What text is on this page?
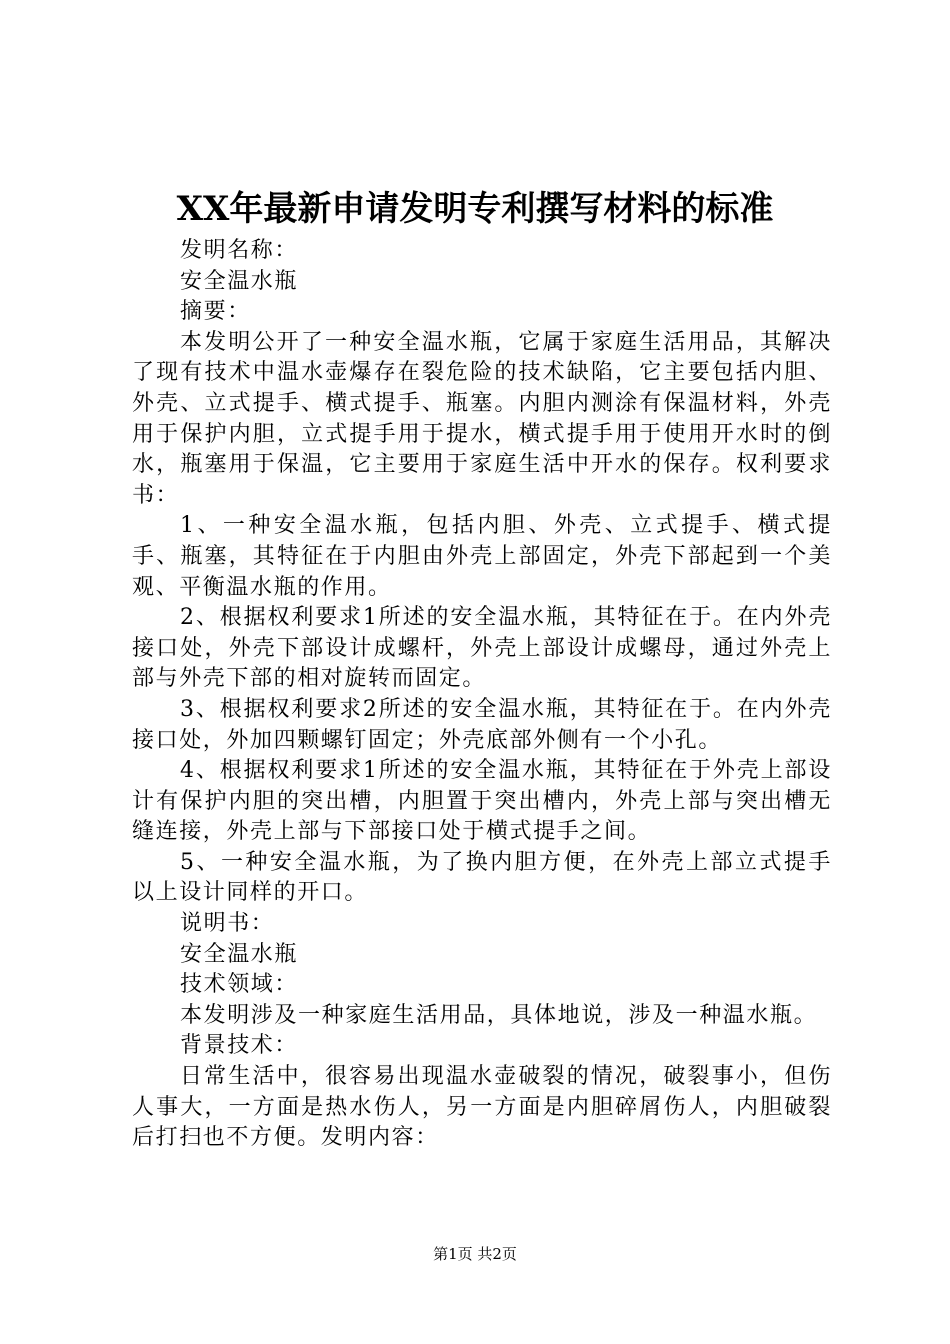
XX年最新申请发明专利撰写材料的标准

发明名称：

安全温水瓶

摘要：

本发明公开了一种安全温水瓶，它属于家庭生活用品，其解决了现有技术中温水壶爆存在裂危险的技术缺陷，它主要包括内胆、外壳、立式提手、横式提手、瓶塞。内胆内测涂有保温材料，外壳用于保护内胆，立式提手用于提水，横式提手用于使用开水时的倒水，瓶塞用于保温，它主要用于家庭生活中开水的保存。权利要求书：

1、一种安全温水瓶，包括内胆、外壳、立式提手、横式提手、瓶塞，其特征在于内胆由外壳上部固定，外壳下部起到一个美观、平衡温水瓶的作用。

2、根据权利要求1所述的安全温水瓶，其特征在于。在内外壳接口处，外壳下部设计成螺杆，外壳上部设计成螺母，通过外壳上部与外壳下部的相对旋转而固定。

3、根据权利要求2所述的安全温水瓶，其特征在于。在内外壳接口处，外加四颗螺钉固定；外壳底部外侧有一个小孔。

4、根据权利要求1所述的安全温水瓶，其特征在于外壳上部设计有保护内胆的突出槽，内胆置于突出槽内，外壳上部与突出槽无缝连接，外壳上部与下部接口处于横式提手之间。

5、一种安全温水瓶，为了换内胆方便，在外壳上部立式提手以上设计同样的开口。

说明书：

安全温水瓶

技术领域：

本发明涉及一种家庭生活用品，具体地说，涉及一种温水瓶。

背景技术：

日常生活中，很容易出现温水壶破裂的情况，破裂事小，但伤人事大，一方面是热水伤人，另一方面是内胆碎屑伤人，内胆破裂后打扫也不方便。发明内容：

第1页 共2页
